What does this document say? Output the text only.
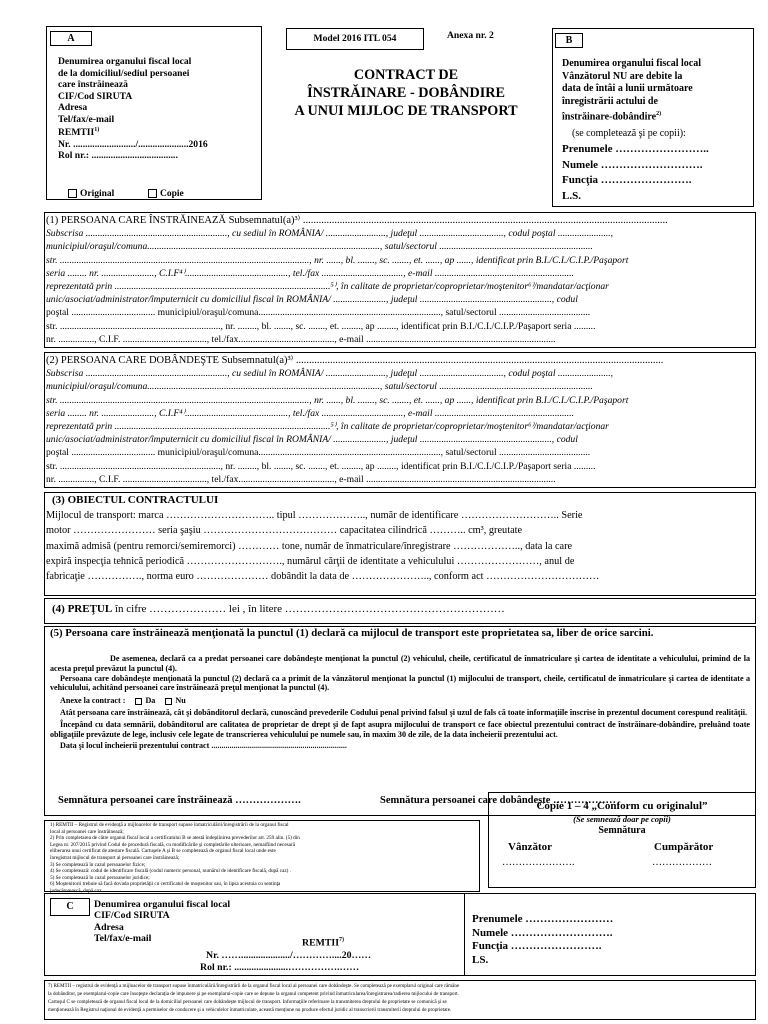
A
Denumirea organului fiscal local
de la domiciliul/sediul persoanei
care înstrăinează
CIF/Cod SIRUTA
Adresa
Tel/fax/e-mail
REMTII$^{1)}$
Nr. ........................../.....................2016
Rol nr.: ....................................
Original	Copie
Model 2016 ITL 054	Anexa nr. 2
CONTRACT DE
ÎNSTRĂINARE - DOBÂNDIRE
A UNUI MIJLOC DE TRANSPORT
B
Denumirea organului fiscal local
Vânzătorul NU are debite la
data de întâi a lunii următoare
înregistrării actului de
înstrăinare-dobândire$^{2)}$
(se completează şi pe copii):
Prenumele ……………………..
Numele ……………………….
Funcţia …………………….
L.S.
(1) PERSOANA CARE ÎNSTRĂINEAZĂ Subsemnatul(a)³⁾ ...........................................................................................................................................
Subscrisa ..........................................................., cu sediul în ROMÂNIA/ ........................., judeţul ..................................., codul poştal ......................,
municipiul/oraşul/comuna................................................................................................., satul/sectorul ................................................................
str. ........................................................................................................, nr. ......, bl. ......., sc. ......., et. ......, ap ......, identificat prin B.I./C.I./C.I.P./Paşaport
seria ........ nr. ......................, C.I.F⁴⁾..........................................., tel./fax .................................., e-mail ..........................................................
reprezentată prin ..........................................................................................⁵⁾, în calitate de proprietar/coproprietar/moştenitor⁶⁾/mandatar/acţionar
unic/asociat/administrator/împuternicit cu domiciliul fiscal în ROMÂNIA/ ......................, judeţul ......................................................., codul
poştal ................................... municipiul/oraşul/comuna............................................................................, satul/sectorul ......................................
str. ..................................................................., nr. ........, bl. ......., sc. ......., et. ........, ap ........, identificat prin B.I./C.I./C.I.P./Paşaport seria .........
nr. ..............., C.I.F. ..................................., tel./fax........................................, e-mail ...............................................................................
(2) PERSOANA CARE DOBÂNDEŞTE Subsemnatul(a)³⁾ ............................................................................................................................................
Subscrisa ..........................................................., cu sediul în ROMÂNIA/ ........................., judeţul ..................................., codul poştal ......................,
municipiul/oraşul/comuna................................................................................................., satul/sectorul ................................................................
str. ........................................................................................................, nr. ......, bl. ......., sc. ......., et. ......, ap ......, identificat prin B.I./C.I./C.I.P./Paşaport
seria ........ nr. ......................, C.I.F⁴⁾..........................................., tel./fax .................................., e-mail ..........................................................
reprezentată prin ..........................................................................................⁵⁾, în calitate de proprietar/coproprietar/moştenitor⁶⁾/mandatar/acţionar
unic/asociat/administrator/împuternicit cu domiciliul fiscal în ROMÂNIA/ ......................, judeţul ......................................................., codul
poştal ................................... municipiul/oraşul/comuna............................................................................, satul/sectorul ......................................
str. ..................................................................., nr. ........, bl. ......., sc. ......., et. ........, ap ........, identificat prin B.I./C.I./C.I.P./Paşaport seria .........
nr. ..............., C.I.F. ..................................., tel./fax........................................, e-mail ...............................................................................
(3) OBIECTUL CONTRACTULUI
Mijlocul de transport: marca ………………………….. tipul ……………….., număr de identificare ……………………….. Serie
motor …………………… seria şaşiu ………………………………… capacitatea cilindrică ……….. cm³, greutate
maximă admisă (pentru remorci/semiremorci) ………… tone, număr de înmatriculare/înregistrare ……………….., data la care
expiră inspecţia tehnică periodică ………………………., numărul cărţii de identitate a vehiculului ……………………, anul de
fabricaţie ……………., norma euro ………………… dobândit la data de ………………….., conform act ……………………………
(4) PREŢUL în cifre ………………… lei , în litere ……………………………………………………
(5) Persoana care înstrăinează menţionată la punctul (1) declară ca mijlocul de transport este proprietatea sa, liber de orice sarcini.
De asemenea, declară ca a predat persoanei care dobândeşte menţionat la punctul (2) vehiculul, cheile, certificatul de înmatriculare şi cartea de identitate a vehiculului, primind de la acesta preţul prevăzut la punctul (4).
Persoana care dobândeşte menţionată la punctul (2) declară ca a primit de la vânzătorul menţionat la punctul (1) mijlocului de transport, cheile, certificatul de înmatriculare şi cartea de identitate a vehiculului, achitând persoanei care înstrăinează preţul menţionat la punctul (4).
Anexe la contract : Da Nu
Atât persoana care înstrăinează, cât şi dobânditorul declară, cunoscând prevederile Codului penal privind falsul şi uzul de fals că toate informaţiile înscrise în prezentul document corespund realităţii.
Începând cu data semnării, dobânditorul are calitatea de proprietar de drept şi de fapt asupra mijlocului de transport ce face obiectul prezentului contract de înstrăinare-dobândire, preluând toate obligaţiile prevăzute de lege, inclusiv cele legate de transcrierea vehiculului pe numele sau, în maxim 30 de zile, de la data încheierii prezentului act.
Data şi locul încheierii prezentului contract ...................................................................
Semnătura persoanei care înstrăinează ……………….	Semnătura persoanei care dobândeşte ………………
1) REMTII – Registrul de evidenţă a mijloacelor de transport supuse înmatriculării/înregistrării de la organul fiscal
local al persoanei care înstrăinează;
2) Prin completarea de către organul fiscal local a certificatului B se atestă îndeplinirea prevederilor art. 259 alin. (5) din
Legea nr. 207/2015 privind Codul de procedură fiscală, cu modificările şi completările ulterioare, nemaifiind necesară
eliberarea unui certificat de atestare fiscală. Cartuşele A şi B se completează de organul fiscal local unde este
înregistrat mijlocul de transport al persoanei care înstrăinează;
3) Se completează în cazul persoanelor fizice;
4) Se completează: codul de identificare fiscală (codul numeric personal, numărul de identificare fiscală, după caz) .
5) Se completează în cazul persoanelor juridice;
6) Moştenitorii trebuie să facă dovada proprietăţii cu certificatul de moştenitor sau, în lipsa acestuia cu sentinţa
judecătorească, după caz.
Copie 1 – 4 „Conform cu originalul”
(Se semnează doar pe copii)
Semnătura
Vânzător	Cumpărător
………………….	………………
C	Denumirea organului fiscal local
CIF/Cod SIRUTA
Adresa
Tel/fax/e-mail	REMTII$^{7)}$
Nr. ……..................../…………....20……
Rol nr.: ......................…………….……
Prenumele ……………………
Numele ……………………….
Funcţia …………………….
LS.
7) REMTII – registrul de evidenţă a mijloacelor de transport supuse înmatriculării/înregistrării de la organul fiscal local al persoanei care dobândeşte. Se completează pe exemplarul original care rămâne
la dobânditor, pe exemplarul-copie care însoţeşte declaraţia de impunere şi pe exemplarul-copie care se depune la organul competent privind înmatricularea/înregistrarea/radierea mijlocului de transport.
Cartuşul C se completează de organul fiscal local de la domiciliul persoanei care dobândeşte mijlocul de transport. Informaţiile referitoare la transmiterea dreptului de proprietate se comunică şi se
menţionează în Registrul naţional de evidenţă a permiselor de conducere şi a vehiculelor înmatriculate, această menţiune nu produce efectul juridic al transcrierii transmiterii dreptului de proprietate.
